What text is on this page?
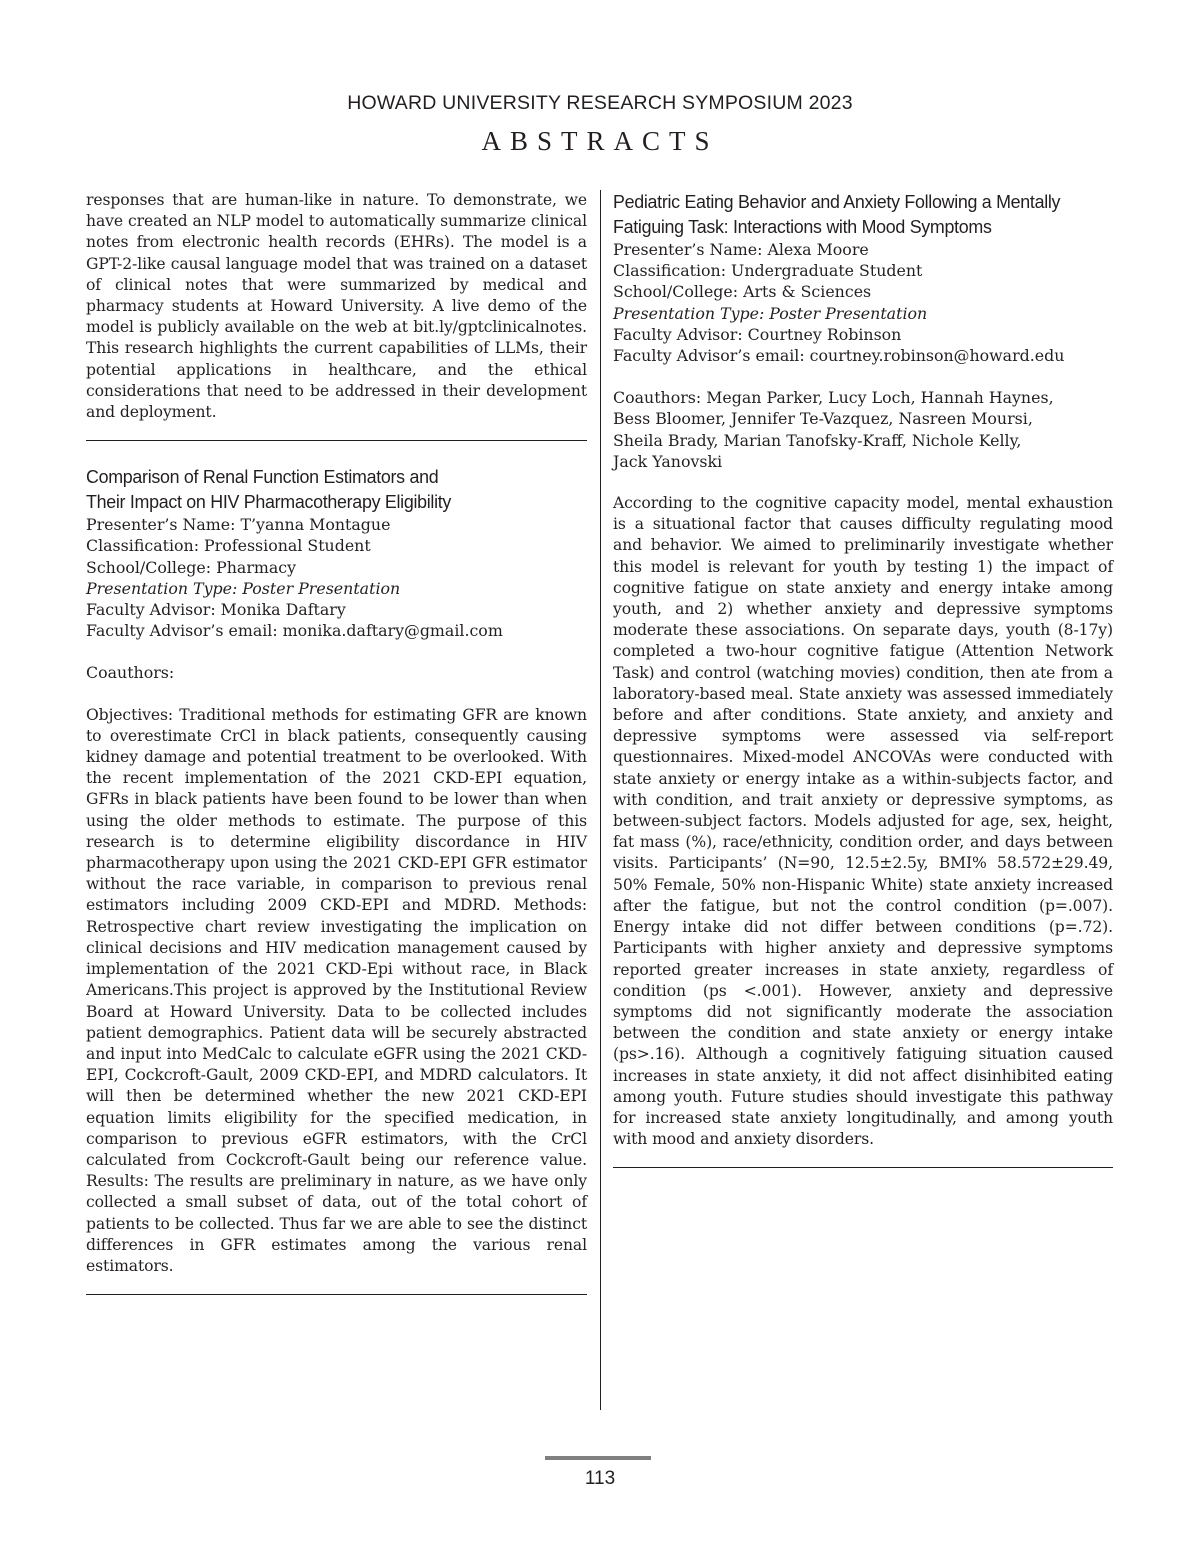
HOWARD UNIVERSITY RESEARCH SYMPOSIUM 2023
ABSTRACTS

responses that are human-like in nature. To demonstrate, we have created an NLP model to automatically summarize clinical notes from electronic health records (EHRs). The model is a GPT-2-like causal language model that was trained on a dataset of clinical notes that were summarized by medical and pharmacy students at Howard University. A live demo of the model is publicly available on the web at bit.ly/gptclinicalnotes. This research highlights the current capabilities of LLMs, their potential applications in healthcare, and the ethical considerations that need to be addressed in their development and deployment.

Comparison of Renal Function Estimators and
Their Impact on HIV Pharmacotherapy Eligibility
Presenter’s Name: T’yanna Montague
Classification: Professional Student
School/College: Pharmacy
Presentation Type: Poster Presentation
Faculty Advisor: Monika Daftary
Faculty Advisor’s email: monika.daftary@gmail.com
Coauthors:

Objectives: Traditional methods for estimating GFR are known to overestimate CrCl in black patients, consequently causing kidney damage and potential treatment to be overlooked. With the recent implementation of the 2021 CKD-EPI equation, GFRs in black patients have been found to be lower than when using the older methods to estimate. The purpose of this research is to determine eligibility discordance in HIV pharmacotherapy upon using the 2021 CKD-EPI GFR estimator without the race variable, in comparison to previous renal estimators including 2009 CKD-EPI and MDRD. Methods: Retrospective chart review investigating the implication on clinical decisions and HIV medication management caused by implementation of the 2021 CKD-Epi without race, in Black Americans.This project is approved by the Institutional Review Board at Howard University. Data to be collected includes patient demographics. Patient data will be securely abstracted and input into MedCalc to calculate eGFR using the 2021 CKD-EPI, Cockcroft-Gault, 2009 CKD-EPI, and MDRD calculators. It will then be determined whether the new 2021 CKD-EPI equation limits eligibility for the specified medication, in comparison to previous eGFR estimators, with the CrCl calculated from Cockcroft-Gault being our reference value. Results: The results are preliminary in nature, as we have only collected a small subset of data, out of the total cohort of patients to be collected. Thus far we are able to see the distinct differences in GFR estimates among the various renal estimators.

Pediatric Eating Behavior and Anxiety Following a Mentally
Fatiguing Task: Interactions with Mood Symptoms
Presenter’s Name: Alexa Moore
Classification: Undergraduate Student
School/College: Arts & Sciences
Presentation Type: Poster Presentation
Faculty Advisor: Courtney Robinson
Faculty Advisor’s email: courtney.robinson@howard.edu
Coauthors: Megan Parker, Lucy Loch, Hannah Haynes,
Bess Bloomer, Jennifer Te-Vazquez, Nasreen Moursi,
Sheila Brady, Marian Tanofsky-Kraff, Nichole Kelly,
Jack Yanovski

According to the cognitive capacity model, mental exhaustion is a situational factor that causes difficulty regulating mood and behavior. We aimed to preliminarily investigate whether this model is relevant for youth by testing 1) the impact of cognitive fatigue on state anxiety and energy intake among youth, and 2) whether anxiety and depressive symptoms moderate these associations. On separate days, youth (8-17y) completed a two-hour cognitive fatigue (Attention Network Task) and control (watching movies) condition, then ate from a laboratory-based meal. State anxiety was assessed immediately before and after conditions. State anxiety, and anxiety and depressive symptoms were assessed via self-report questionnaires. Mixed-model ANCOVAs were conducted with state anxiety or energy intake as a within-subjects factor, and with condition, and trait anxiety or depressive symptoms, as between-subject factors. Models adjusted for age, sex, height, fat mass (%), race/ethnicity, condition order, and days between visits. Participants’ (N=90, 12.5±2.5y, BMI% 58.572±29.49, 50% Female, 50% non-Hispanic White) state anxiety increased after the fatigue, but not the control condition (p=.007). Energy intake did not differ between conditions (p=.72). Participants with higher anxiety and depressive symptoms reported greater increases in state anxiety, regardless of condition (ps <.001). However, anxiety and depressive symptoms did not significantly moderate the association between the condition and state anxiety or energy intake (ps>.16). Although a cognitively fatiguing situation caused increases in state anxiety, it did not affect disinhibited eating among youth. Future studies should investigate this pathway for increased state anxiety longitudinally, and among youth with mood and anxiety disorders.

113
